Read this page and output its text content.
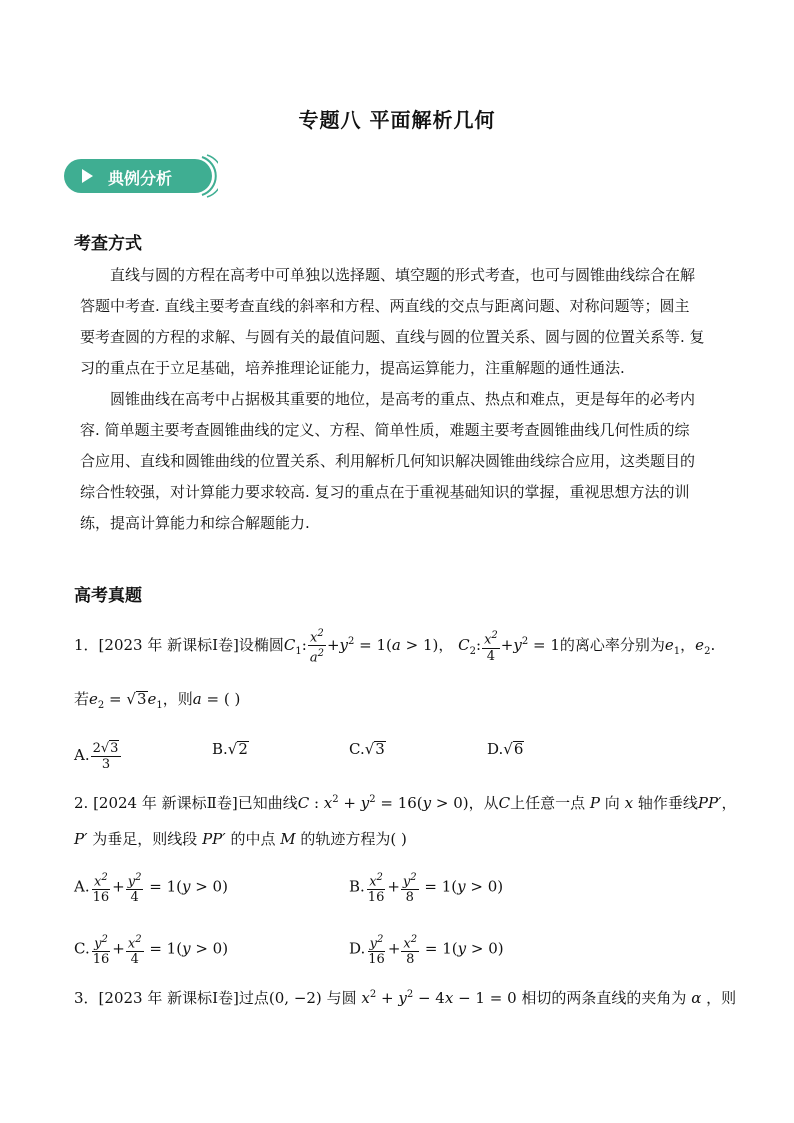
专题八 平面解析几何
典例分析
考查方式
直线与圆的方程在高考中可单独以选择题、填空题的形式考查，也可与圆锥曲线综合在解
答题中考查. 直线主要考查直线的斜率和方程、两直线的交点与距离问题、对称问题等；圆主
要考查圆的方程的求解、与圆有关的最值问题、直线与圆的位置关系、圆与圆的位置关系等. 复
习的重点在于立足基础，培养推理论证能力，提高运算能力，注重解题的通性通法.
圆锥曲线在高考中占据极其重要的地位，是高考的重点、热点和难点，更是每年的必考内
容. 简单题主要考查圆锥曲线的定义、方程、简单性质，难题主要考查圆锥曲线几何性质的综
合应用、直线和圆锥曲线的位置关系、利用解析几何知识解决圆锥曲线综合应用，这类题目的
综合性较强，对计算能力要求较高. 复习的重点在于重视基础知识的掌握，重视思想方法的训
练，提高计算能力和综合解题能力.
高考真题
1．[2023 年 新课标Ⅰ卷]设椭圆$C_1$: $\frac{x^2}{a^2} +y^2 = 1(a > 1)$， $C_2$: $\frac{x^2}{4} +y^2 = 1$的离心率分别为$e_1$，$e_2$.
若$e_2 = √3e_1$，则a = ( )
A. $\frac{2√3}{3}$	B.√2	C.√3	D.√6
2. [2024 年 新课标Ⅱ卷]已知曲线C : $x^2 + y^2 = 16(y > 0)$，从C上任意一点 P 向 x 轴作垂线PP′，
P′ 为垂足，则线段 PP′ 的中点 M 的轨迹方程为( )
A. $\frac{x^2}{16} + \frac{y^2}{4} = 1(y > 0)$	B. $\frac{x^2}{16} + \frac{y^2}{8} = 1(y > 0)$
C. $\frac{y^2}{16} + \frac{x^2}{4} = 1(y > 0)$	D. $\frac{y^2}{16} + \frac{x^2}{8} = 1(y > 0)$
3．[2023 年 新课标Ⅰ卷]过点(0, −2) 与圆 $x^2 + y^2 - 4x - 1 = 0$ 相切的两条直线的夹角为 α ，则
